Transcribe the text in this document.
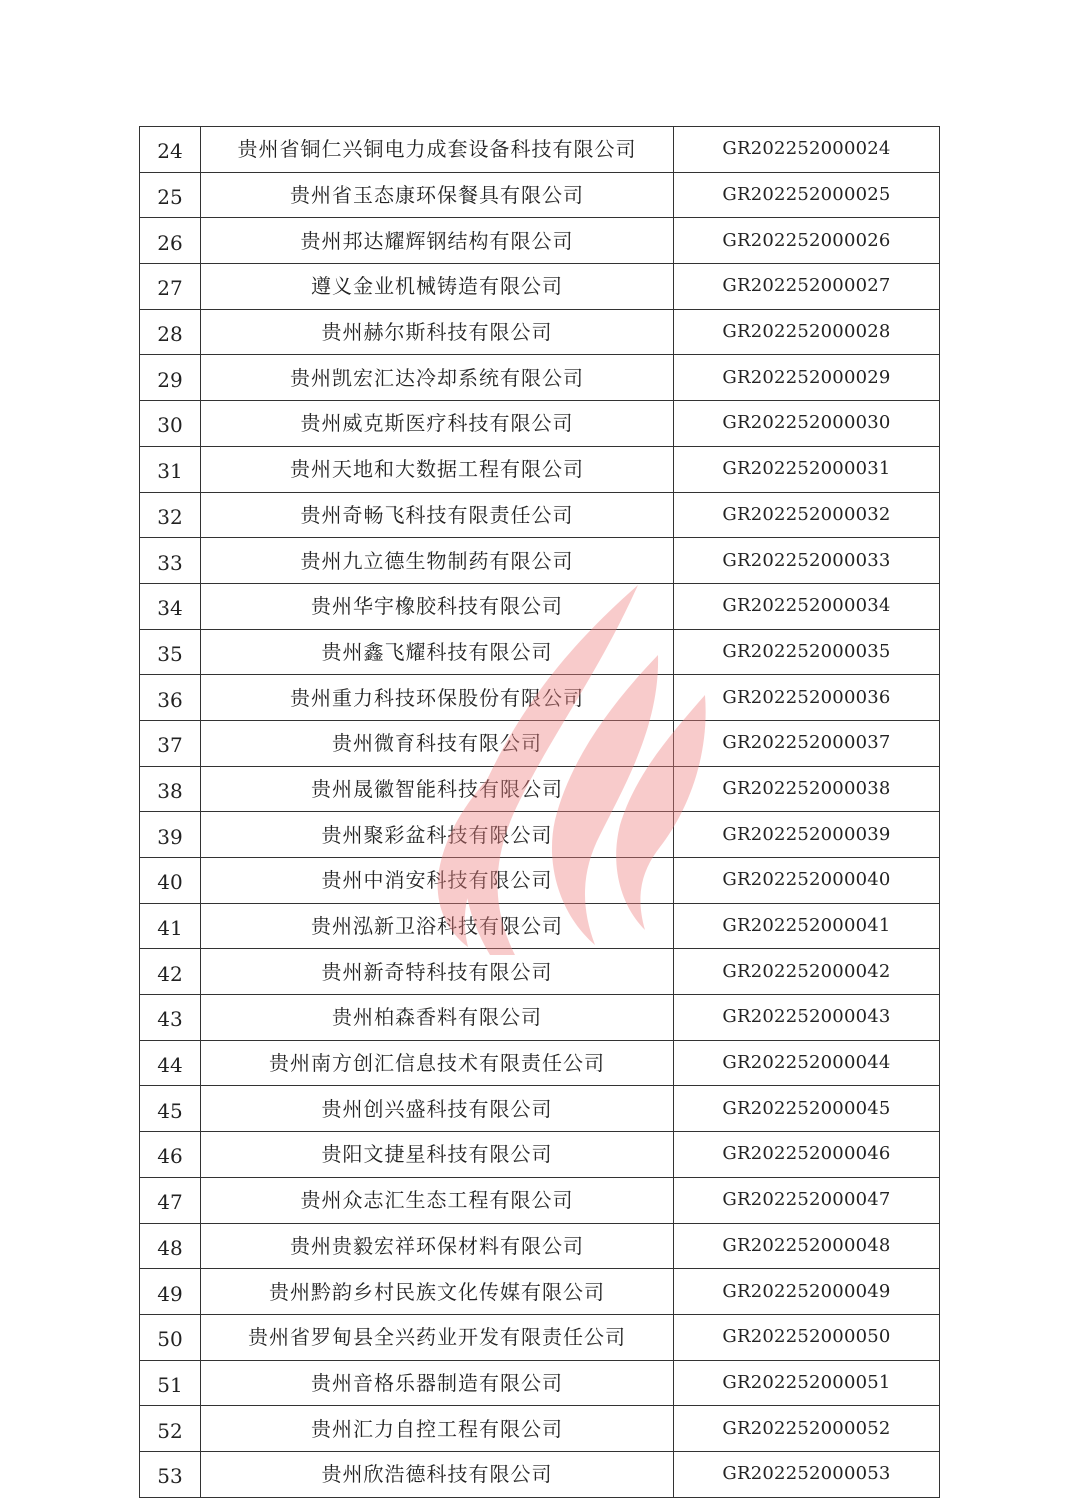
24	贵州省铜仁兴铜电力成套设备科技有限公司	GR202252000024
25	贵州省玉态康环保餐具有限公司	GR202252000025
26	贵州邦达耀辉钢结构有限公司	GR202252000026
27	遵义金业机械铸造有限公司	GR202252000027
28	贵州赫尔斯科技有限公司	GR202252000028
29	贵州凯宏汇达冷却系统有限公司	GR202252000029
30	贵州威克斯医疗科技有限公司	GR202252000030
31	贵州天地和大数据工程有限公司	GR202252000031
32	贵州奇畅飞科技有限责任公司	GR202252000032
33	贵州九立德生物制药有限公司	GR202252000033
34	贵州华宇橡胶科技有限公司	GR202252000034
35	贵州鑫飞耀科技有限公司	GR202252000035
36	贵州重力科技环保股份有限公司	GR202252000036
37	贵州微育科技有限公司	GR202252000037
38	贵州晟徽智能科技有限公司	GR202252000038
39	贵州聚彩盆科技有限公司	GR202252000039
40	贵州中消安科技有限公司	GR202252000040
41	贵州泓新卫浴科技有限公司	GR202252000041
42	贵州新奇特科技有限公司	GR202252000042
43	贵州柏森香料有限公司	GR202252000043
44	贵州南方创汇信息技术有限责任公司	GR202252000044
45	贵州创兴盛科技有限公司	GR202252000045
46	贵阳文捷星科技有限公司	GR202252000046
47	贵州众志汇生态工程有限公司	GR202252000047
48	贵州贵毅宏祥环保材料有限公司	GR202252000048
49	贵州黔韵乡村民族文化传媒有限公司	GR202252000049
50	贵州省罗甸县全兴药业开发有限责任公司	GR202252000050
51	贵州音格乐器制造有限公司	GR202252000051
52	贵州汇力自控工程有限公司	GR202252000052
53	贵州欣浩德科技有限公司	GR202252000053
